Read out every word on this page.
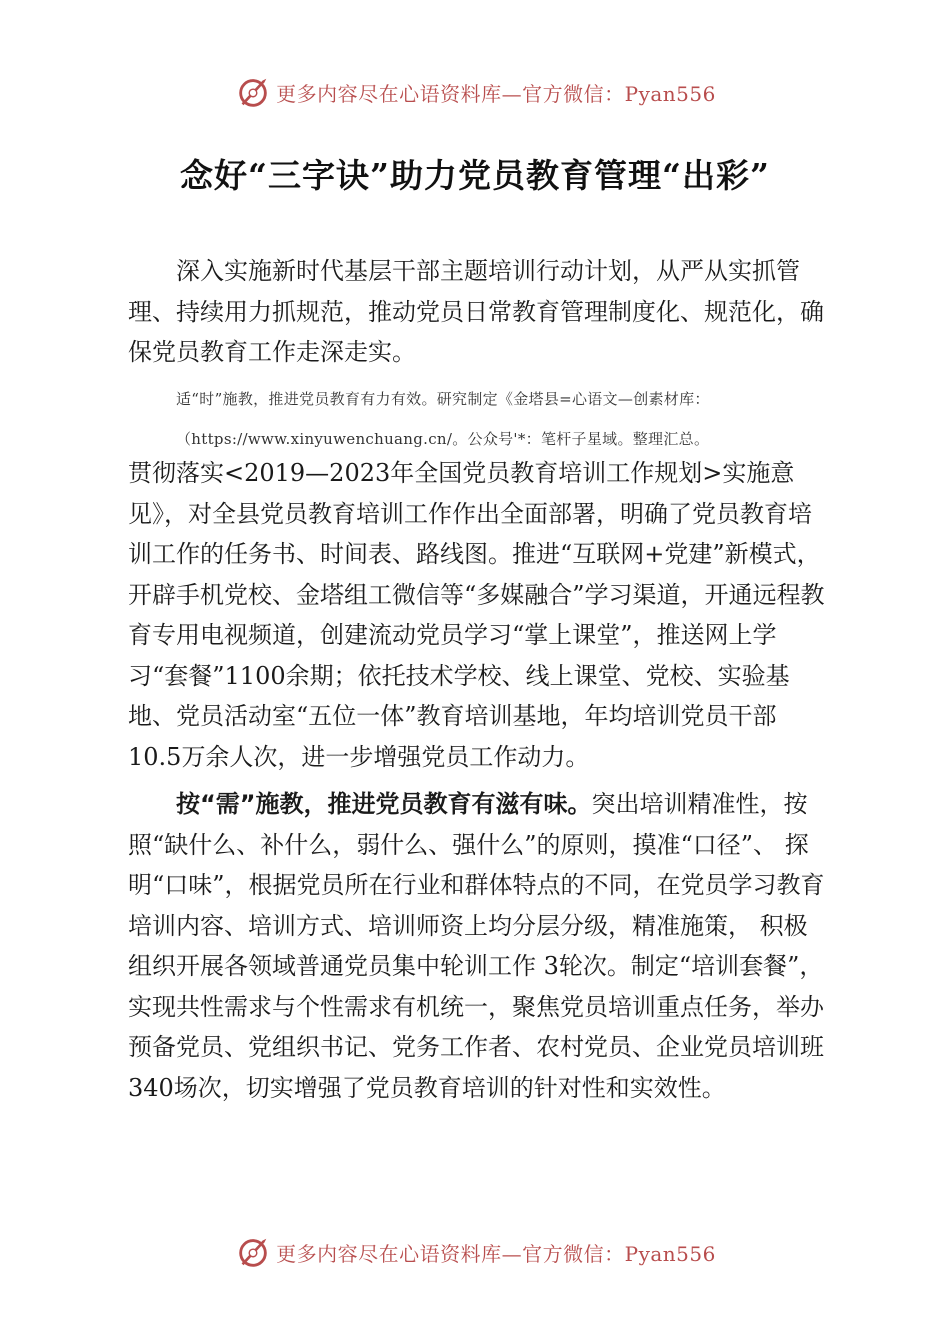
更多内容尽在心语资料库—官方微信：Pyan556
念好“三字诀”助力党员教育管理“出彩”

深入实施新时代基层干部主题培训行动计划，从严从实抓管理、持续用力抓规范，推动党员日常教育管理制度化、规范化，确保党员教育工作走深走实。

适“时”施教，推进党员教育有力有效。研究制定《金塔县=心语文—创素材库：
（https://www.xinyuwenchuang.cn/。公众号'*：笔杆子星域。整理汇总。

贯彻落实<2019—2023年全国党员教育培训工作规划>实施意见》，对全县党员教育培训工作作出全面部署，明确了党员教育培训工作的任务书、时间表、路线图。推进“互联网+党建”新模式，开辟手机党校、金塔组工微信等“多媒融合”学习渠道，开通远程教育专用电视频道，创建流动党员学习“掌上课堂”，推送网上学习“套餐”1100余期；依托技术学校、线上课堂、党校、实验基地、党员活动室“五位一体”教育培训基地，年均培训党员干部 10.5万余人次，进一步增强党员工作动力。

按“需”施教，推进党员教育有滋有味。突出培训精准性，按照“缺什么、补什么，弱什么、强什么”的原则，摸准“口径”、 探明“口味”，根据党员所在行业和群体特点的不同，在党员学习教育培训内容、培训方式、培训师资上均分层分级，精准施策， 积极组织开展各领域普通党员集中轮训工作 3轮次。制定“培训套餐”，实现共性需求与个性需求有机统一，聚焦党员培训重点任务，举办预备党员、党组织书记、党务工作者、农村党员、企业党员培训班 340场次，切实增强了党员教育培训的针对性和实效性。

更多内容尽在心语资料库—官方微信：Pyan556
